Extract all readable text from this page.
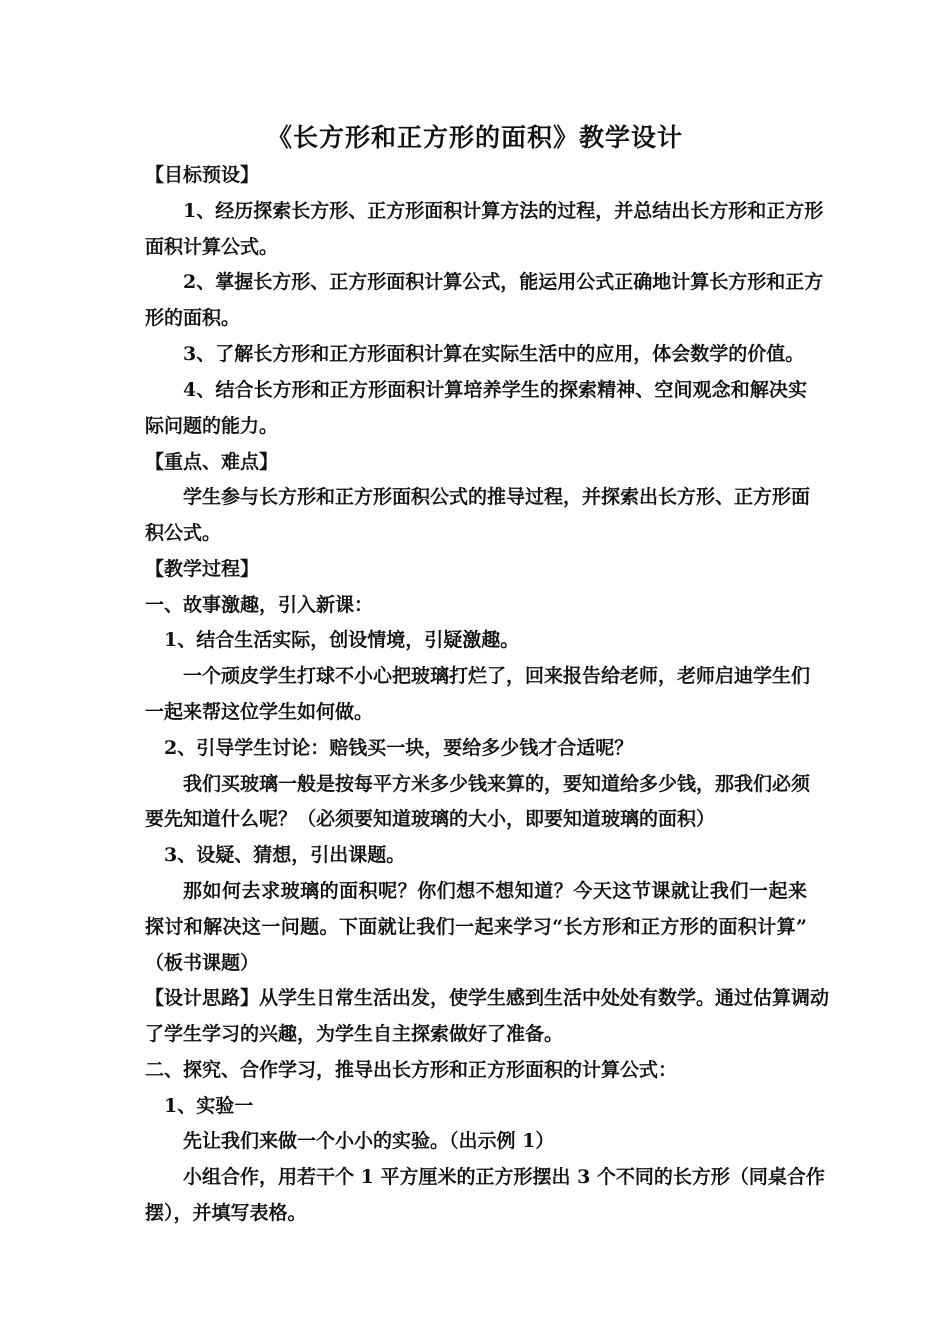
《长方形和正方形的面积》教学设计
【目标预设】
1、经历探索长方形、正方形面积计算方法的过程，并总结出长方形和正方形
面积计算公式。
2、掌握长方形、正方形面积计算公式，能运用公式正确地计算长方形和正方
形的面积。
3、了解长方形和正方形面积计算在实际生活中的应用，体会数学的价值。
4、结合长方形和正方形面积计算培养学生的探索精神、空间观念和解决实
际问题的能力。
【重点、难点】
学生参与长方形和正方形面积公式的推导过程，并探索出长方形、正方形面
积公式。
【教学过程】
一、故事激趣，引入新课：
1、结合生活实际，创设情境，引疑激趣。
一个顽皮学生打球不小心把玻璃打烂了，回来报告给老师，老师启迪学生们
一起来帮这位学生如何做。
2、引导学生讨论：赔钱买一块，要给多少钱才合适呢？
我们买玻璃一般是按每平方米多少钱来算的，要知道给多少钱，那我们必须
要先知道什么呢？（必须要知道玻璃的大小，即要知道玻璃的面积）
3、设疑、猜想，引出课题。
那如何去求玻璃的面积呢？你们想不想知道？今天这节课就让我们一起来
探讨和解决这一问题。下面就让我们一起来学习“长方形和正方形的面积计算”
（板书课题）
【设计思路】从学生日常生活出发，使学生感到生活中处处有数学。通过估算调动
了学生学习的兴趣，为学生自主探索做好了准备。
二、探究、合作学习，推导出长方形和正方形面积的计算公式：
1、实验一
先让我们来做一个小小的实验。（出示例 1）
小组合作，用若干个 1 平方厘米的正方形摆出 3 个不同的长方形（同桌合作
摆），并填写表格。
